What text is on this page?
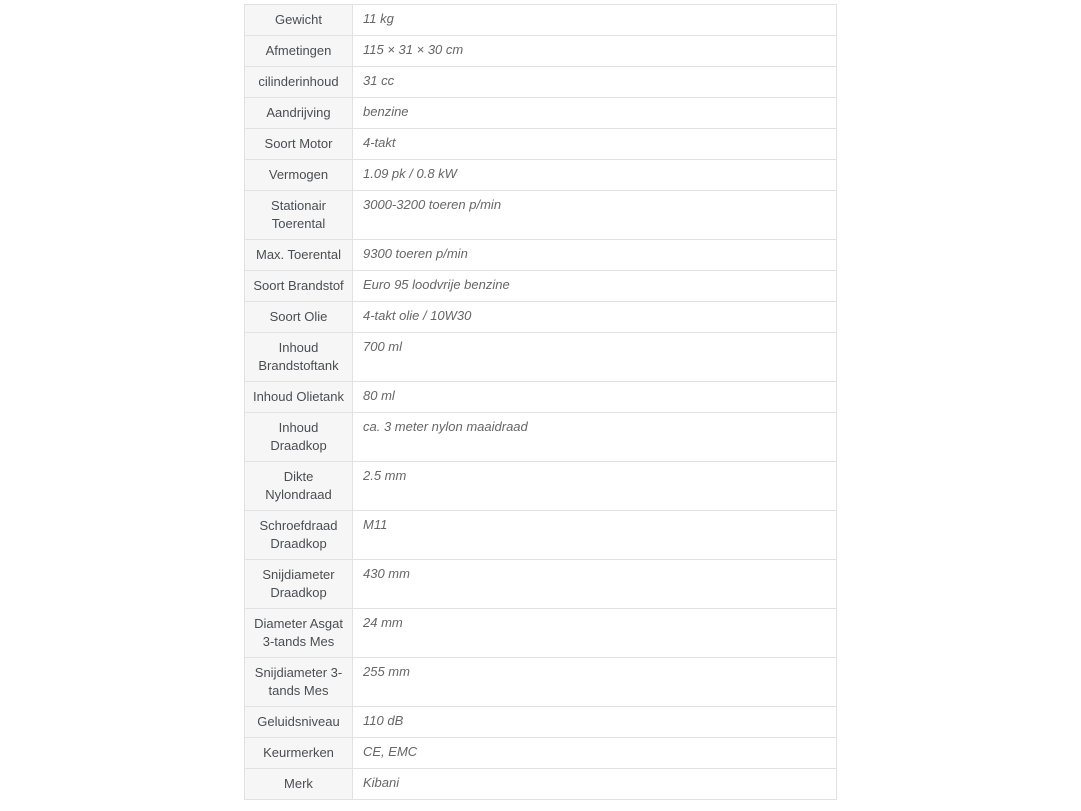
Gewicht	11 kg
Afmetingen	115 × 31 × 30 cm
cilinderinhoud	31 cc
Aandrijving	benzine
Soort Motor	4-takt
Vermogen	1.09 pk / 0.8 kW
Stationair Toerental	3000-3200 toeren p/min
Max. Toerental	9300 toeren p/min
Soort Brandstof	Euro 95 loodvrije benzine
Soort Olie	4-takt olie / 10W30
Inhoud Brandstoftank	700 ml
Inhoud Olietank	80 ml
Inhoud Draadkop	ca. 3 meter nylon maaidraad
Dikte Nylondraad	2.5 mm
Schroefdraad Draadkop	M11
Snijdiameter Draadkop	430 mm
Diameter Asgat 3-tands Mes	24 mm
Snijdiameter 3-tands Mes	255 mm
Geluidsniveau	110 dB
Keurmerken	CE, EMC
Merk	Kibani
